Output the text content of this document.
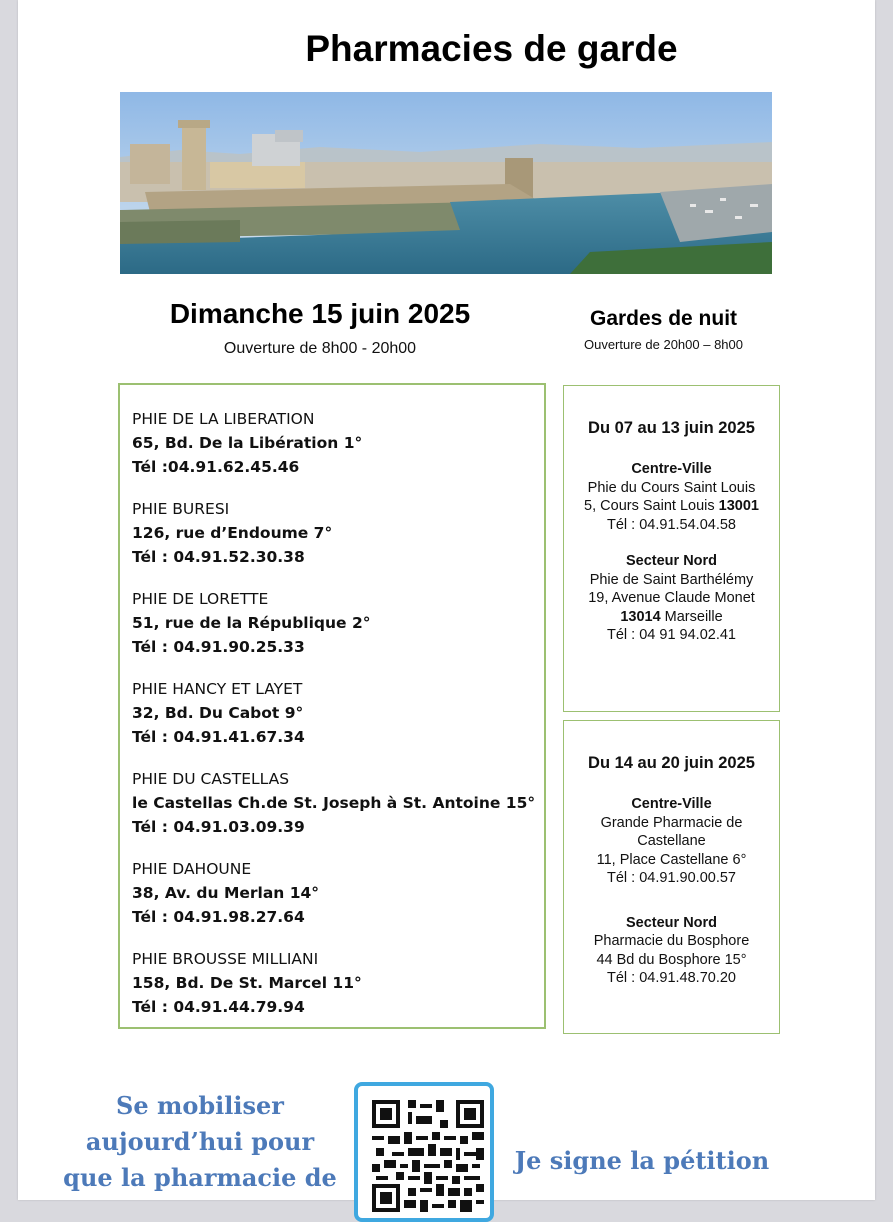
Pharmacies de garde
Dimanche 15 juin 2025
Ouverture de 8h00 - 20h00
Gardes de nuit
Ouverture de 20h00 – 8h00
PHIE DE LA LIBERATION
65, Bd. De la Libération 1°
Tél :04.91.62.45.46
PHIE BURESI
126, rue d’Endoume 7°
Tél : 04.91.52.30.38
PHIE DE LORETTE
51, rue de la République 2°
Tél : 04.91.90.25.33
PHIE HANCY ET LAYET
32, Bd. Du Cabot 9°
Tél : 04.91.41.67.34
PHIE DU CASTELLAS
le Castellas Ch.de St. Joseph à St. Antoine 15°
Tél : 04.91.03.09.39
PHIE DAHOUNE
38, Av. du Merlan 14°
Tél : 04.91.98.27.64
PHIE BROUSSE MILLIANI
158, Bd. De St. Marcel 11°
Tél : 04.91.44.79.94
Du 07 au 13 juin 2025
Centre-Ville
Phie du Cours Saint Louis
5, Cours Saint Louis 13001
Tél : 04.91.54.04.58
Secteur Nord
Phie de Saint Barthélémy
19, Avenue Claude Monet
13014 Marseille
Tél : 04 91 94.02.41
Du 14 au 20 juin 2025
Centre-Ville
Grande Pharmacie de
Castellane
11, Place Castellane 6°
Tél : 04.91.90.00.57
Secteur Nord
Pharmacie du Bosphore
44 Bd du Bosphore 15°
Tél : 04.91.48.70.20
Se mobiliser
aujourd’hui pour
que la pharmacie de
Je signe la pétition
